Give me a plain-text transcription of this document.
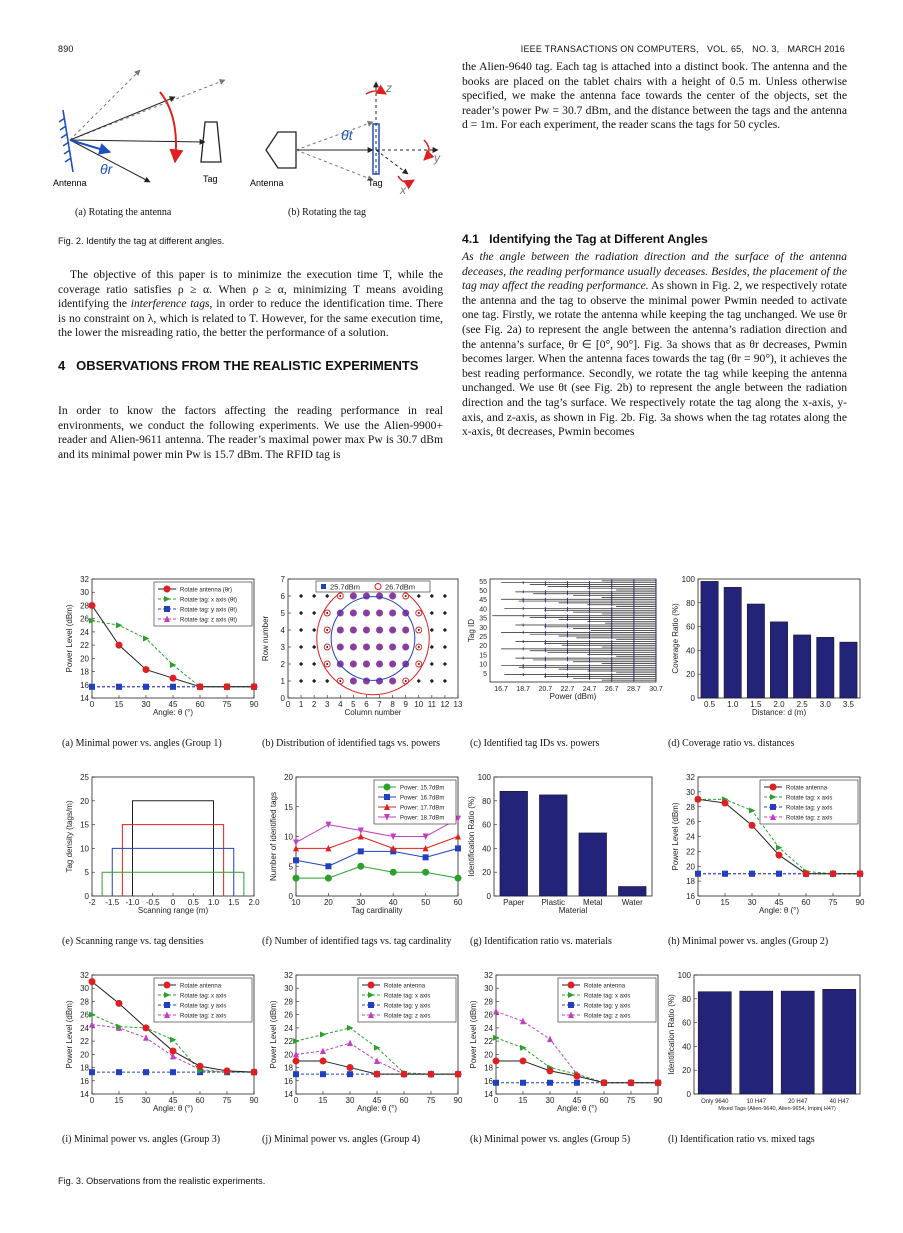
890	IEEE TRANSACTIONS ON COMPUTERS,   VOL. 65,   NO. 3,   MARCH 2016
Antenna	Tag
θr
Antenna	Tag
θt
z
y
x
(a) Rotating the antenna	(b) Rotating the tag
Fig. 2. Identify the tag at different angles.

The objective of this paper is to minimize the execution time T, while the coverage ratio satisfies ρ ≥ α. When ρ ≥ α, minimizing T means avoiding identifying the interference tags, in order to reduce the identification time. There is no constraint on λ, which is related to T. However, for the same execution time, the lower the misreading ratio, the better the performance of a solution.

4 OBSERVATIONS FROM THE REALISTIC EXPERIMENTS

In order to know the factors affecting the reading performance in real environments, we conduct the following experiments. We use the Alien-9900+ reader and Alien-9611 antenna. The reader’s maximal power max Pw is 30.7 dBm and its minimal power min Pw is 15.7 dBm. The RFID tag is

the Alien-9640 tag. Each tag is attached into a distinct book. The antenna and the books are placed on the tablet chairs with a height of 0.5 m. Unless otherwise specified, we make the antenna face towards the center of the objects, set the reader’s power Pw = 30.7 dBm, and the distance between the tags and the antenna d = 1m. For each experiment, the reader scans the tags for 50 cycles.

4.1 Identifying the Tag at Different Angles

As the angle between the radiation direction and the surface of the antenna deceases, the reading performance usually deceases. Besides, the placement of the tag may affect the reading performance. As shown in Fig. 2, we respectively rotate the antenna and the tag to observe the minimal power Pwmin needed to activate one tag. Firstly, we rotate the antenna while keeping the tag unchanged. We use θr (see Fig. 2a) to represent the angle between the antenna’s radiation direction and the antenna’s surface, θr ∈ [0°, 90°]. Fig. 3a shows that as θr decreases, Pwmin becomes larger. When the antenna faces towards the tag (θr = 90°), it achieves the best reading performance. Secondly, we rotate the tag while keeping the antenna unchanged. We use θt (see Fig. 2b) to represent the angle between the radiation direction and the tag’s surface. We respectively rotate the tag along the x-axis, y-axis, and z-axis, as shown in Fig. 2b. Fig. 3a shows when the tag rotates along the x-axis, θt decreases, Pwmin becomes

14
16
18
20
22
24
26
28
30
32
0	15 30 45 60 75 90
Angle: θ (°)
Power Level (dBm)
Rotate antenna (θr)
Rotate tag: x axis (θt)
Rotate tag: y axis (θt)
Rotate tag: z axis (θt)
0
1
2
3
4
5
6
7
0 1 2 3 4 5 6 7 8 9 10 11 12 13
Column number
Row number
25.7dBm	26.7dBm
5
10
15
20
25
30
35
40
45
50
55
16.7 18.7 20.7 22.7 24.7 26.7 28.7 30.7
Power (dBm)
Tag ID
0
20
40
60
80
100
Coverage Ratio (%)
0.5 1.0 1.5 2.0 2.5 3.0 3.5
Distance: d (m)
(a) Minimal power vs. angles (Group 1)	(b) Distribution of identified tags vs. powers	(c) Identified tag IDs vs. powers	(d) Coverage ratio vs. distances
0
5
10
15
20
25
-2 -1.5 -1.0 -0.5 0 0.5 1.0 1.5 2.0
Scanning range (m)
Tag density (tags/m)
0
5
10
15
20
10	20	30	40	50	60
Tag cardinality
Number of identified tags
Power: 15.7dBm
Power: 16.7dBm
Power: 17.7dBm
Power: 18.7dBm
0
20
40
60
80
100
Identification Ratio (%)
Paper Plastic Metal Water
Material
16
18
20
22
24
26
28
30
32
0	15 30 45 60 75 90
Angle: θ (°)
Power Level (dBm)
Rotate antenna
Rotate tag: x axis
Rotate tag: y axis
Rotate tag: z axis
(e) Scanning range vs. tag densities	(f) Number of identified tags vs. tag cardinality (g) Identification ratio vs. materials	(h) Minimal power vs. angles (Group 2)
14
16
18
20
22
24
26
28
30
32
0	15 30 45 60 75 90
Angle: θ (°)
Power Level (dBm)
Rotate antenna
Rotate tag: x axis
Rotate tag: y axis
Rotate tag: z axis
14
16
18
20
22
24
26
28
30
32
0	15 30 45 60 75 90
Angle: θ (°)
Power Level (dBm)
Rotate antenna
Rotate tag: x axis
Rotate tag: y axis
Rotate tag: z axis
14
16
18
20
22
24
26
28
30
32
0	15 30 45 60 75 90
Angle: θ (°)
Power Level (dBm)
Rotate antenna
Rotate tag: x axis
Rotate tag: y axis
Rotate tag: z axis
0
20
40
60
80
100
Identification Ratio (%)
Only 9640	10 H47	20 H47	40 H47
Mixed Tags (Alien-9640, Alien-9654, Impinj H47)
(i) Minimal power vs. angles (Group 3)	(j) Minimal power vs. angles (Group 4)	(k) Minimal power vs. angles (Group 5)	(l) Identification ratio vs. mixed tags
Fig. 3. Observations from the realistic experiments.
